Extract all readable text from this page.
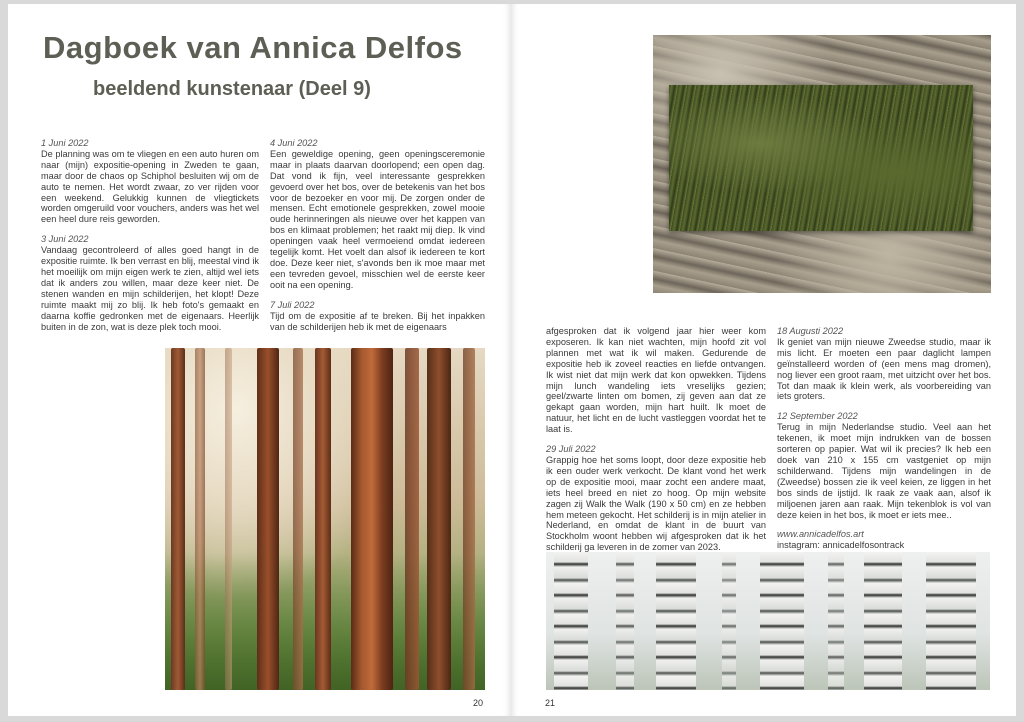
Dagboek van Annica Delfos
beeldend kunstenaar (Deel 9)

1 Juni 2022
De planning was om te vliegen en een auto huren om naar (mijn) expositie-opening in Zweden te gaan, maar door de chaos op Schiphol besluiten wij om de auto te nemen. Het wordt zwaar, zo ver rijden voor een weekend. Gelukkig kunnen de vliegtickets worden omgeruild voor vouchers, anders was het wel een heel dure reis geworden.

3 Juni 2022
Vandaag gecontroleerd of alles goed hangt in de expositie ruimte. Ik ben verrast en blij, meestal vind ik het moeilijk om mijn eigen werk te zien, altijd wel iets dat ik anders zou willen, maar deze keer niet. De stenen wanden en mijn schilderijen, het klopt! Deze ruimte maakt mij zo blij. Ik heb foto's gemaakt en daarna koffie gedronken met de eigenaars. Heerlijk buiten in de zon, wat is deze plek toch mooi.

4 Juni 2022
Een geweldige opening, geen openingsceremonie maar in plaats daarvan doorlopend; een open dag. Dat vond ik fijn, veel interessante gesprekken gevoerd over het bos, over de betekenis van het bos voor de bezoeker en voor mij. De zorgen onder de mensen. Echt emotionele gesprekken, zowel mooie oude herinneringen als nieuwe over het kappen van bos en klimaat problemen; het raakt mij diep. Ik vind openingen vaak heel vermoeiend omdat iedereen tegelijk komt. Het voelt dan alsof ik iedereen te kort doe. Deze keer niet, s'avonds ben ik moe maar met een tevreden gevoel, misschien wel de eerste keer ooit na een opening.

7 Juli 2022
Tijd om de expositie af te breken. Bij het inpakken van de schilderijen heb ik met de eigenaars

20

afgesproken dat ik volgend jaar hier weer kom exposeren. Ik kan niet wachten, mijn hoofd zit vol plannen met wat ik wil maken. Gedurende de expositie heb ik zoveel reacties en liefde ontvangen. Ik wist niet dat mijn werk dat kon opwekken. Tijdens mijn lunch wandeling iets vreselijks gezien; geel/zwarte linten om bomen, zij geven aan dat ze gekapt gaan worden, mijn hart huilt. Ik moet de natuur, het licht en de lucht vastleggen voordat het te laat is.

29 Juli 2022
Grappig hoe het soms loopt, door deze expositie heb ik een ouder werk verkocht. De klant vond het werk op de expositie mooi, maar zocht een andere maat, iets heel breed en niet zo hoog. Op mijn website zagen zij Walk the Walk (190 x 50 cm) en ze hebben hem meteen gekocht. Het schilderij is in mijn atelier in Nederland, en omdat de klant in de buurt van Stockholm woont hebben wij afgesproken dat ik het schilderij ga leveren in de zomer van 2023.

18 Augusti 2022
Ik geniet van mijn nieuwe Zweedse studio, maar ik mis licht. Er moeten een paar daglicht lampen geïnstalleerd worden of (een mens mag dromen), nog liever een groot raam, met uitzicht over het bos. Tot dan maak ik klein werk, als voorbereiding van iets groters.

12 September 2022
Terug in mijn Nederlandse studio. Veel aan het tekenen, ik moet mijn indrukken van de bossen sorteren op papier. Wat wil ik precies? Ik heb een doek van 210 x 155 cm vastgeniet op mijn schilderwand. Tijdens mijn wandelingen in de (Zweedse) bossen zie ik veel keien, ze liggen in het bos sinds de ijstijd. Ik raak ze vaak aan, alsof ik miljoenen jaren aan raak. Mijn tekenblok is vol van deze keien in het bos, ik moet er iets mee..

www.annicadelfos.art
instagram: annicadelfosontrack

21
